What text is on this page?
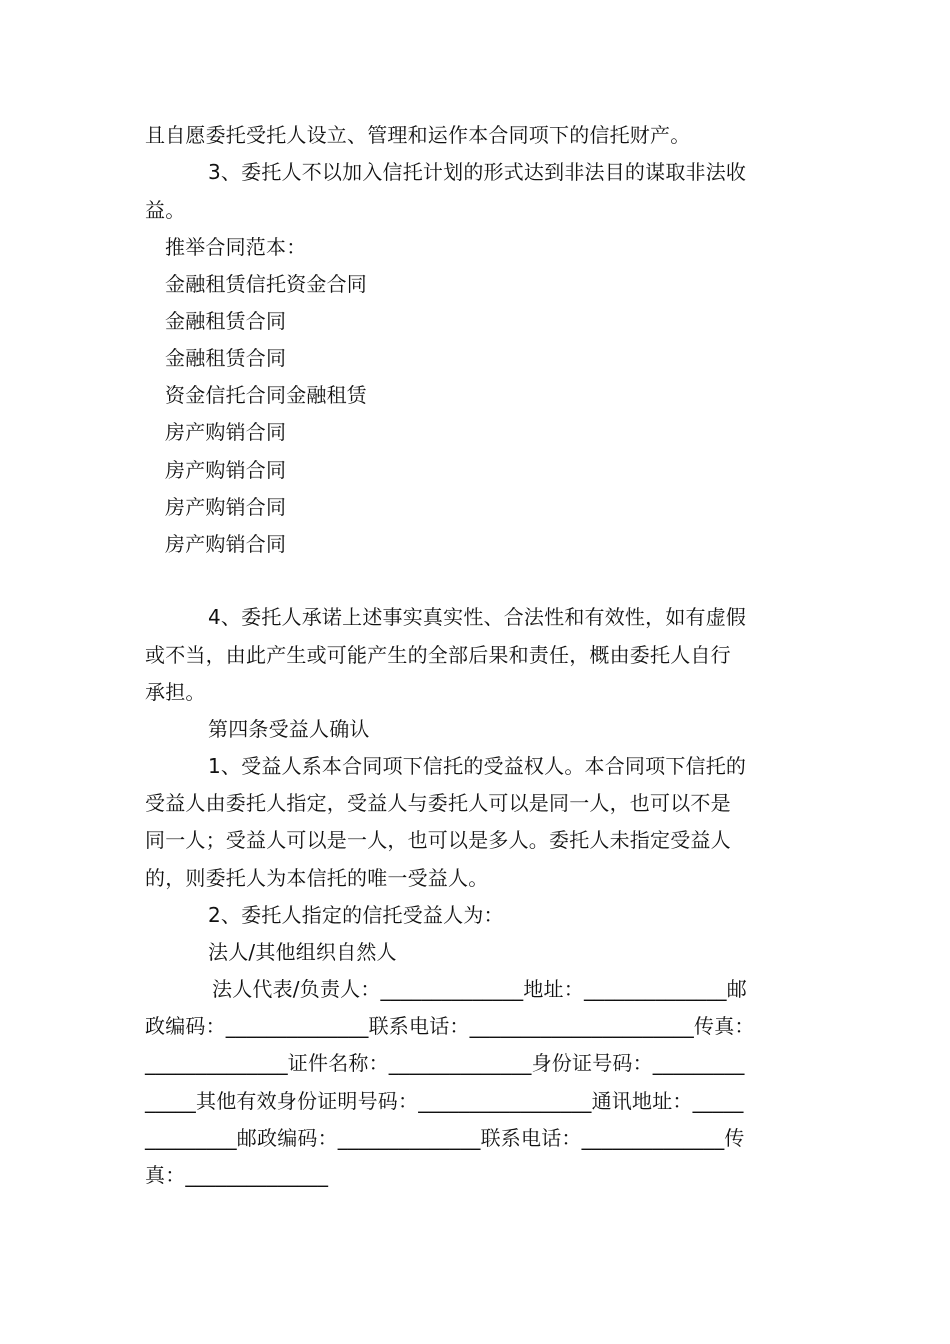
且自愿委托受托人设立、管理和运作本合同项下的信托财产。
3、委托人不以加入信托计划的形式达到非法目的谋取非法收
益。
推举合同范本：
金融租赁信托资金合同
金融租赁合同
金融租赁合同
资金信托合同金融租赁
房产购销合同
房产购销合同
房产购销合同
房产购销合同
4、委托人承诺上述事实真实性、合法性和有效性，如有虚假
或不当，由此产生或可能产生的全部后果和责任，概由委托人自行
承担。
第四条受益人确认
1、受益人系本合同项下信托的受益权人。本合同项下信托的
受益人由委托人指定，受益人与委托人可以是同一人，也可以不是
同一人；受益人可以是一人，也可以是多人。委托人未指定受益人
的，则委托人为本信托的唯一受益人。
2、委托人指定的信托受益人为：
法人/其他组织自然人
法人代表/负责人：______________地址：______________邮
政编码：______________联系电话：______________________传真：
______________证件名称：______________身份证号码：_________
_____其他有效身份证明号码：_________________通讯地址：_____
_________邮政编码：______________联系电话：______________传
真：______________
